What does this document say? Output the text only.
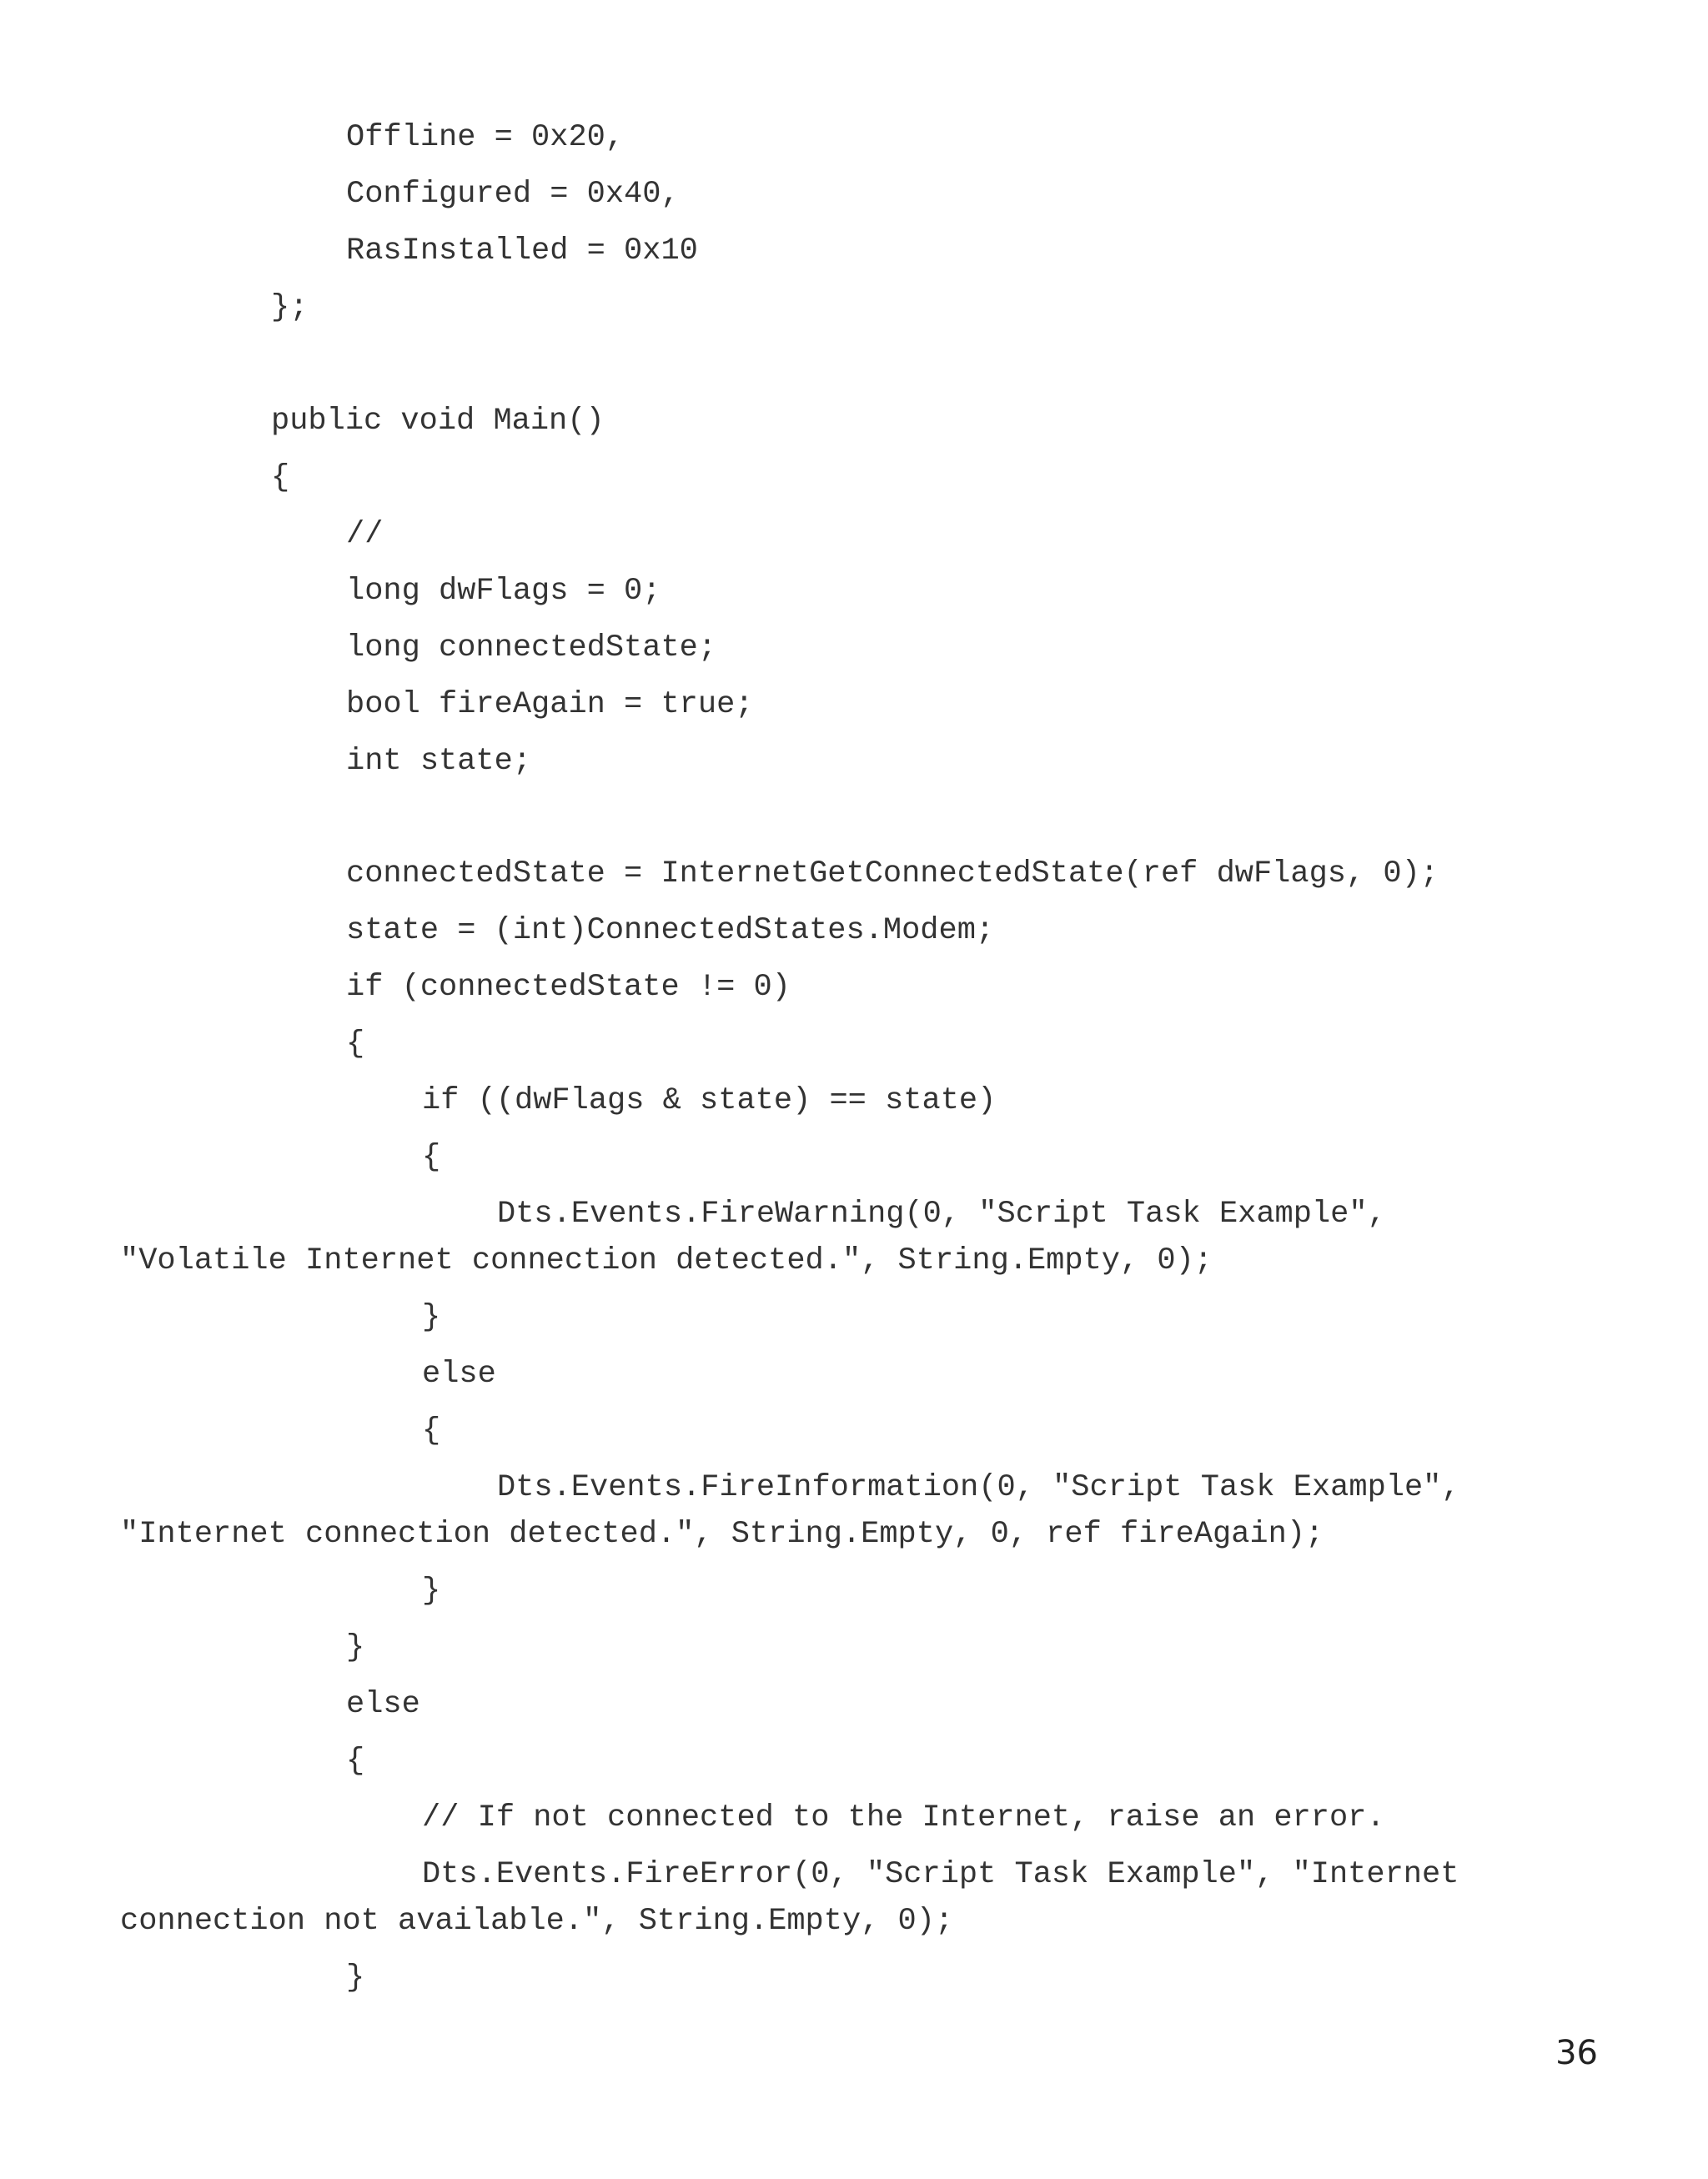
Offline = 0x20,
Configured = 0x40,
RasInstalled = 0x10
};
public void Main()
{
//
long dwFlags = 0;
long connectedState;
bool fireAgain = true;
int state;
connectedState = InternetGetConnectedState(ref dwFlags, 0);
state = (int)ConnectedStates.Modem;
if (connectedState != 0)
{
if ((dwFlags & state) == state)
{
Dts.Events.FireWarning(0, "Script Task Example",
"Volatile Internet connection detected.", String.Empty, 0);
}
else
{
Dts.Events.FireInformation(0, "Script Task Example",
"Internet connection detected.", String.Empty, 0, ref fireAgain);
}
}
else
{
// If not connected to the Internet, raise an error.
Dts.Events.FireError(0, "Script Task Example", "Internet
connection not available.", String.Empty, 0);
}
36
